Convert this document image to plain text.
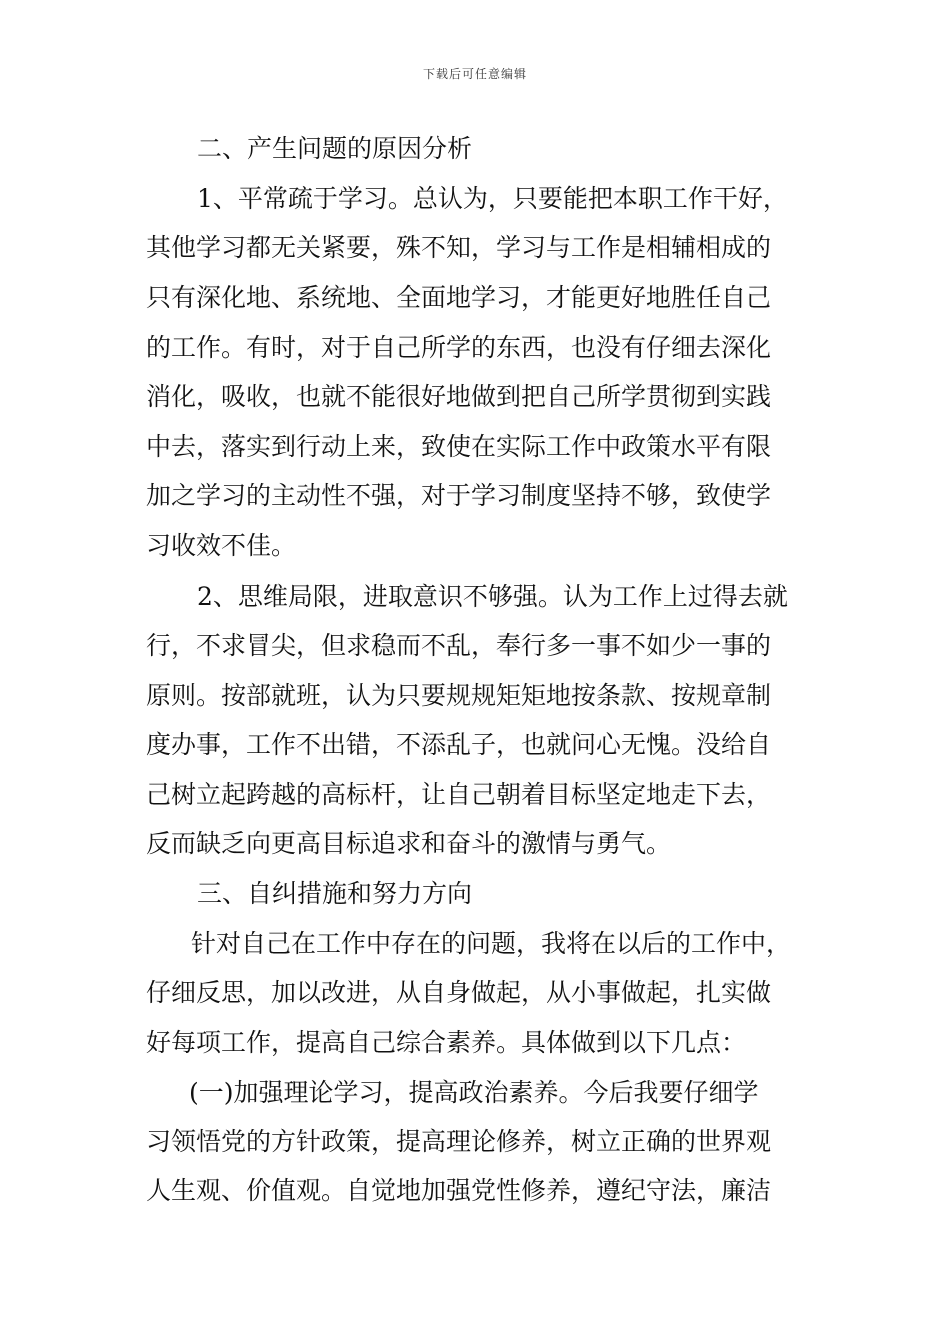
下载后可任意编辑
二、产生问题的原因分析
1、平常疏于学习。总认为，只要能把本职工作干好，
其他学习都无关紧要，殊不知，学习与工作是相辅相成的
只有深化地、系统地、全面地学习，才能更好地胜任自己
的工作。有时，对于自己所学的东西，也没有仔细去深化
消化，吸收，也就不能很好地做到把自己所学贯彻到实践
中去，落实到行动上来，致使在实际工作中政策水平有限
加之学习的主动性不强，对于学习制度坚持不够，致使学
习收效不佳。
2、思维局限，进取意识不够强。认为工作上过得去就
行，不求冒尖，但求稳而不乱，奉行多一事不如少一事的
原则。按部就班，认为只要规规矩矩地按条款、按规章制
度办事，工作不出错，不添乱子，也就问心无愧。没给自
己树立起跨越的高标杆，让自己朝着目标坚定地走下去，
反而缺乏向更高目标追求和奋斗的激情与勇气。
三、自纠措施和努力方向
针对自己在工作中存在的问题，我将在以后的工作中，
仔细反思，加以改进，从自身做起，从小事做起，扎实做
好每项工作，提高自己综合素养。具体做到以下几点：
(一)加强理论学习，提高政治素养。今后我要仔细学
习领悟党的方针政策，提高理论修养，树立正确的世界观
人生观、价值观。自觉地加强党性修养，遵纪守法，廉洁
